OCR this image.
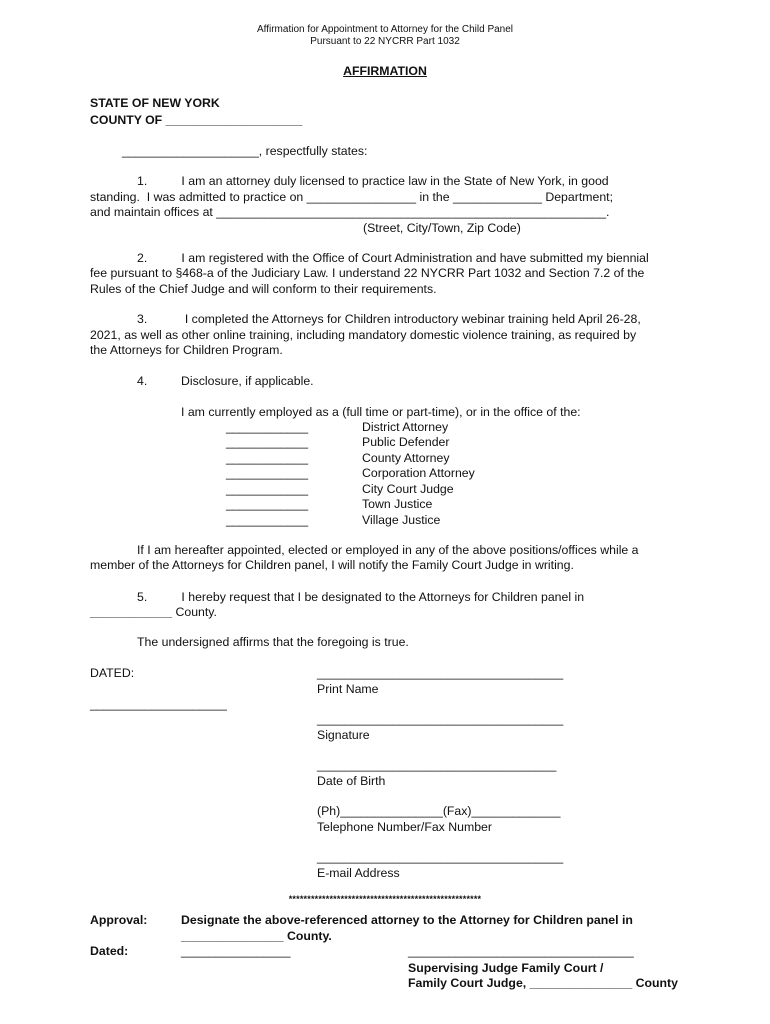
Affirmation for Appointment to Attorney for the Child Panel
Pursuant to 22 NYCRR Part 1032
AFFIRMATION
STATE OF NEW YORK
COUNTY OF ____________________
____________________, respectfully states:
1.          I am an attorney duly licensed to practice law in the State of New York, in good
standing.  I was admitted to practice on ________________ in the _____________ Department;
and maintain offices at _________________________________________________________.
(Street, City/Town, Zip Code)
2.          I am registered with the Office of Court Administration and have submitted my biennial
fee pursuant to §468-a of the Judiciary Law. I understand 22 NYCRR Part 1032 and Section 7.2 of the
Rules of the Chief Judge and will conform to their requirements.
3.           I completed the Attorneys for Children introductory webinar training held April 26-28,
2021, as well as other online training, including mandatory domestic violence training, as required by
the Attorneys for Children Program.
4.	Disclosure, if applicable.
I am currently employed as a (full time or part-time), or in the office of the:
____________	District Attorney
____________	Public Defender
____________	County Attorney
____________	Corporation Attorney
____________	City Court Judge
____________	Town Justice
____________	Village Justice
If I am hereafter appointed, elected or employed in any of the above positions/offices while a
member of the Attorneys for Children panel, I will notify the Family Court Judge in writing.
5.          I hereby request that I be designated to the Attorneys for Children panel in
____________ County.
The undersigned affirms that the foregoing is true.
DATED:	____________________________________
Print Name
____________________
____________________________________
Signature
___________________________________
Date of Birth
(Ph)_______________(Fax)_____________
Telephone Number/Fax Number
____________________________________
E-mail Address
****************************************************
Approval:	Designate the above-referenced attorney to the Attorney for Children panel in
_______________ County.
Dated:	________________	_________________________________
Supervising Judge Family Court /
Family Court Judge, _______________ County
